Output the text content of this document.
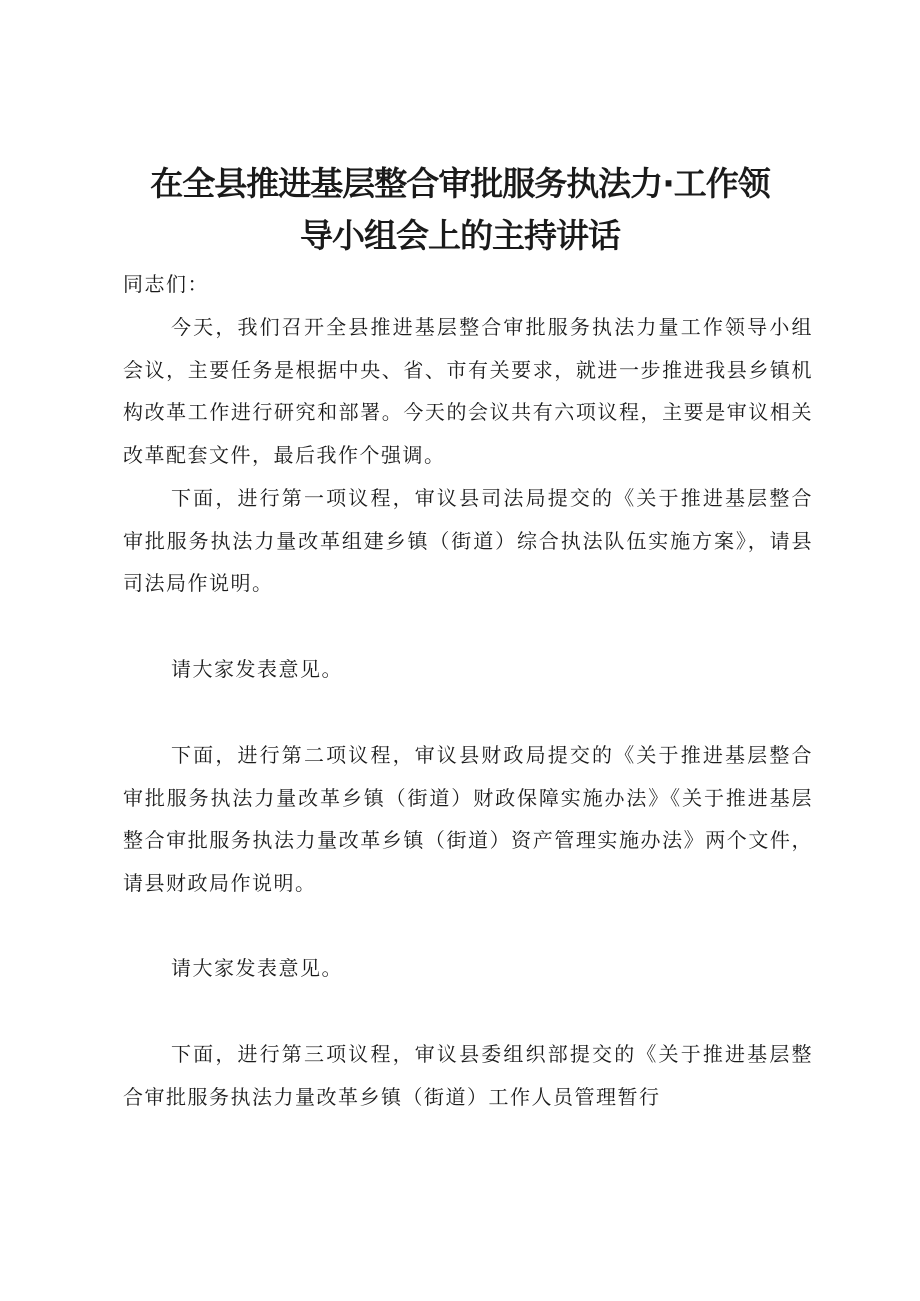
在全县推进基层整合审批服务执法力·工作领
导小组会上的主持讲话

同志们：

今天，我们召开全县推进基层整合审批服务执法力量工作领导小组会议，主要任务是根据中央、省、市有关要求，就进一步推进我县乡镇机构改革工作进行研究和部署。今天的会议共有六项议程，主要是审议相关改革配套文件，最后我作个强调。

下面，进行第一项议程，审议县司法局提交的《关于推进基层整合审批服务执法力量改革组建乡镇（街道）综合执法队伍实施方案》，请县司法局作说明。

请大家发表意见。

下面，进行第二项议程，审议县财政局提交的《关于推进基层整合审批服务执法力量改革乡镇（街道）财政保障实施办法》《关于推进基层整合审批服务执法力量改革乡镇（街道）资产管理实施办法》两个文件，请县财政局作说明。

请大家发表意见。

下面，进行第三项议程，审议县委组织部提交的《关于推进基层整合审批服务执法力量改革乡镇（街道）工作人员管理暂行
